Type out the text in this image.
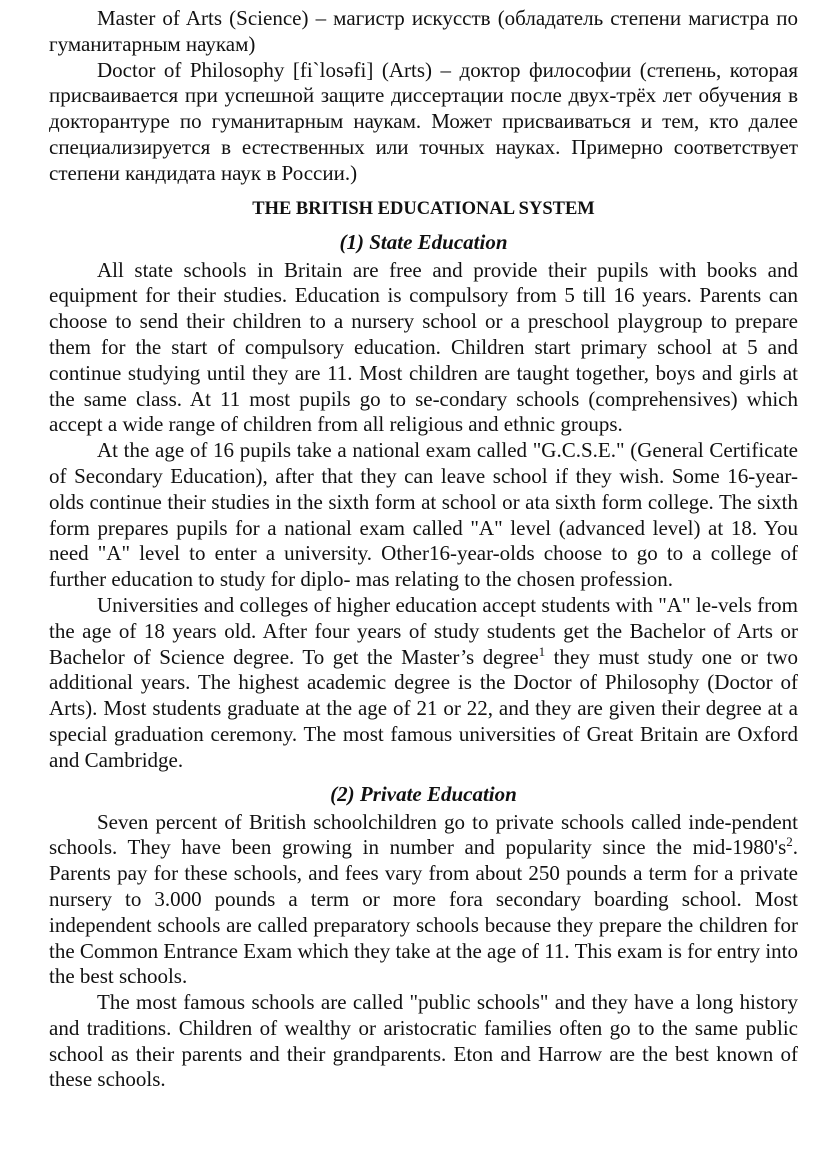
Master of Arts (Science) – магистр искусств (обладатель степени магистра по гуманитарным наукам)

Doctor of Philosophy [fi`losəfi] (Arts) – доктор философии (степень, которая присваивается при успешной защите диссертации после двух-трёх лет обучения в докторантуре по гуманитарным наукам. Может присваиваться и тем, кто далее специализируется в естественных или точных науках. Примерно соответствует степени кандидата наук в России.)

THE BRITISH EDUCATIONAL SYSTEM
(1) State Education

All state schools in Britain are free and provide their pupils with books and equipment for their studies. Education is compulsory from 5 till 16 years. Parents can choose to send their children to a nursery school or a preschool playgroup to prepare them for the start of compulsory education. Children start primary school at 5 and continue studying until they are 11. Most children are taught together, boys and girls at the same class. At 11 most pupils go to se-condary schools (comprehensives) which accept a wide range of children from all religious and ethnic groups.

At the age of 16 pupils take a national exam called "G.C.S.E." (General Certificate of Secondary Education), after that they can leave school if they wish. Some 16-year-olds continue their studies in the sixth form at school or ata sixth form college. The sixth form prepares pupils for a national exam called "A" level (advanced level) at 18. You need "A" level to enter a university. Other16-year-olds choose to go to a college of further education to study for diplo- mas relating to the chosen profession.

Universities and colleges of higher education accept students with "A" le-vels from the age of 18 years old. After four years of study students get the Bachelor of Arts or Bachelor of Science degree. To get the Master’s degree$^1$ they must study one or two additional years. The highest academic degree is the Doctor of Philosophy (Doctor of Arts). Most students graduate at the age of 21 or 22, and they are given their degree at a special graduation ceremony. The most famous universities of Great Britain are Oxford and Cambridge.

(2) Private Education

Seven percent of British schoolchildren go to private schools called inde-pendent schools. They have been growing in number and popularity since the mid-$1980's^2$. Parents pay for these schools, and fees vary from about 250 pounds a term for a private nursery to 3.000 pounds a term or more fora secondary boarding school. Most independent schools are called preparatory schools because they prepare the children for the Common Entrance Exam which they take at the age of 11. This exam is for entry into the best schools.

The most famous schools are called "public schools" and they have a long history and traditions. Children of wealthy or aristocratic families often go to the same public school as their parents and their grandparents. Eton and Harrow are the best known of these schools.
